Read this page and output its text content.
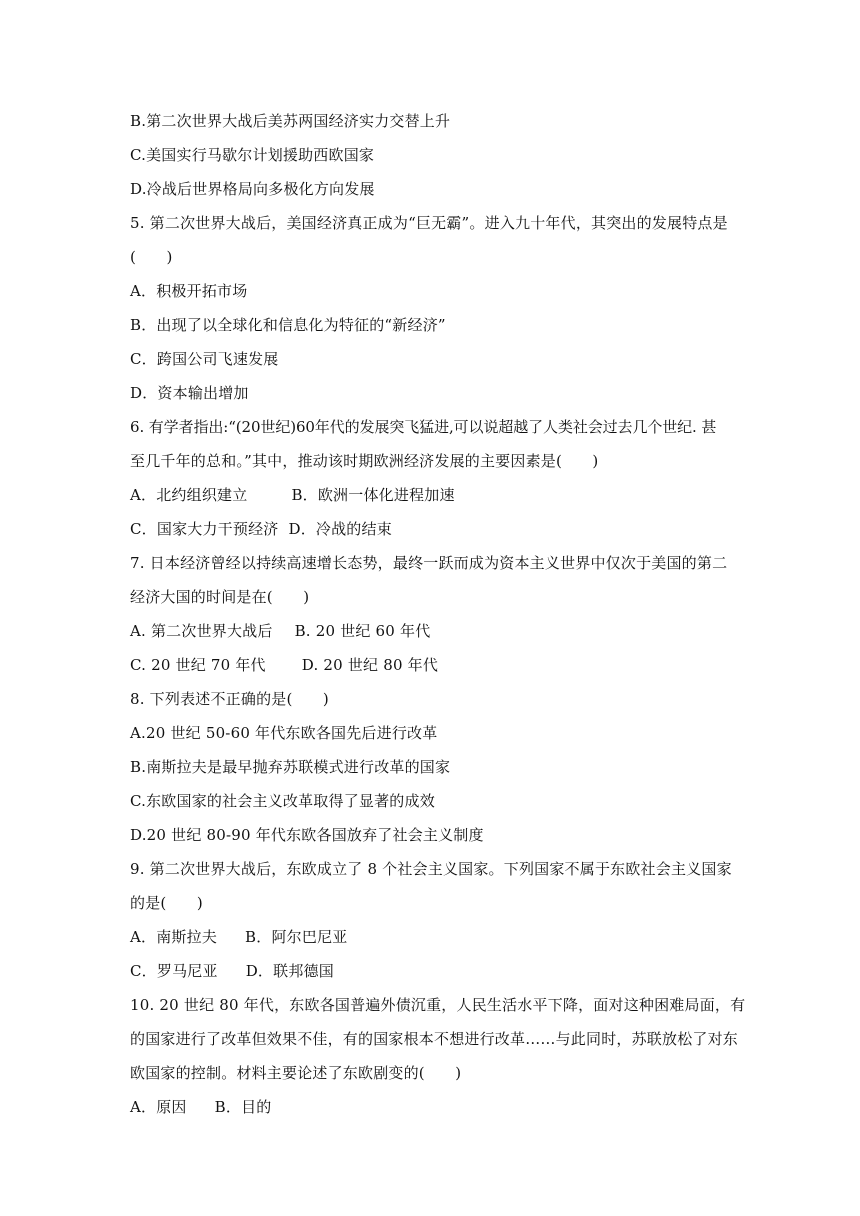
B.第二次世界大战后美苏两国经济实力交替上升
C.美国实行马歇尔计划援助西欧国家
D.冷战后世界格局向多极化方向发展
5. 第二次世界大战后，美国经济真正成为“巨无霸”。进入九十年代，其突出的发展特点是
(　　)
A．积极开拓市场
B．出现了以全球化和信息化为特征的“新经济”
C．跨国公司飞速发展
D．资本输出增加
6. 有学者指出:“(20世纪)60年代的发展突飞猛进,可以说超越了人类社会过去几个世纪. 甚
至几千年的总和。”其中，推动该时期欧洲经济发展的主要因素是(　　)
A．北约组织建立	B．欧洲一体化进程加速
C．国家大力干预经济 D．冷战的结束
7. 日本经济曾经以持续高速增长态势，最终一跃而成为资本主义世界中仅次于美国的第二
经济大国的时间是在(　　)
A. 第二次世界大战后 B. 20 世纪 60 年代
C. 20 世纪 70 年代 D. 20 世纪 80 年代
8. 下列表述不正确的是(　　)
A.20 世纪 50-60 年代东欧各国先后进行改革
B.南斯拉夫是最早抛弃苏联模式进行改革的国家
C.东欧国家的社会主义改革取得了显著的成效
D.20 世纪 80-90 年代东欧各国放弃了社会主义制度
9. 第二次世界大战后，东欧成立了 8 个社会主义国家。下列国家不属于东欧社会主义国家
的是(　　)
A．南斯拉夫 B．阿尔巴尼亚
C．罗马尼亚 D．联邦德国
10. 20 世纪 80 年代，东欧各国普遍外债沉重，人民生活水平下降，面对这种困难局面，有
的国家进行了改革但效果不佳，有的国家根本不想进行改革……与此同时，苏联放松了对东
欧国家的控制。材料主要论述了东欧剧变的(　　)
A．原因 B．目的
